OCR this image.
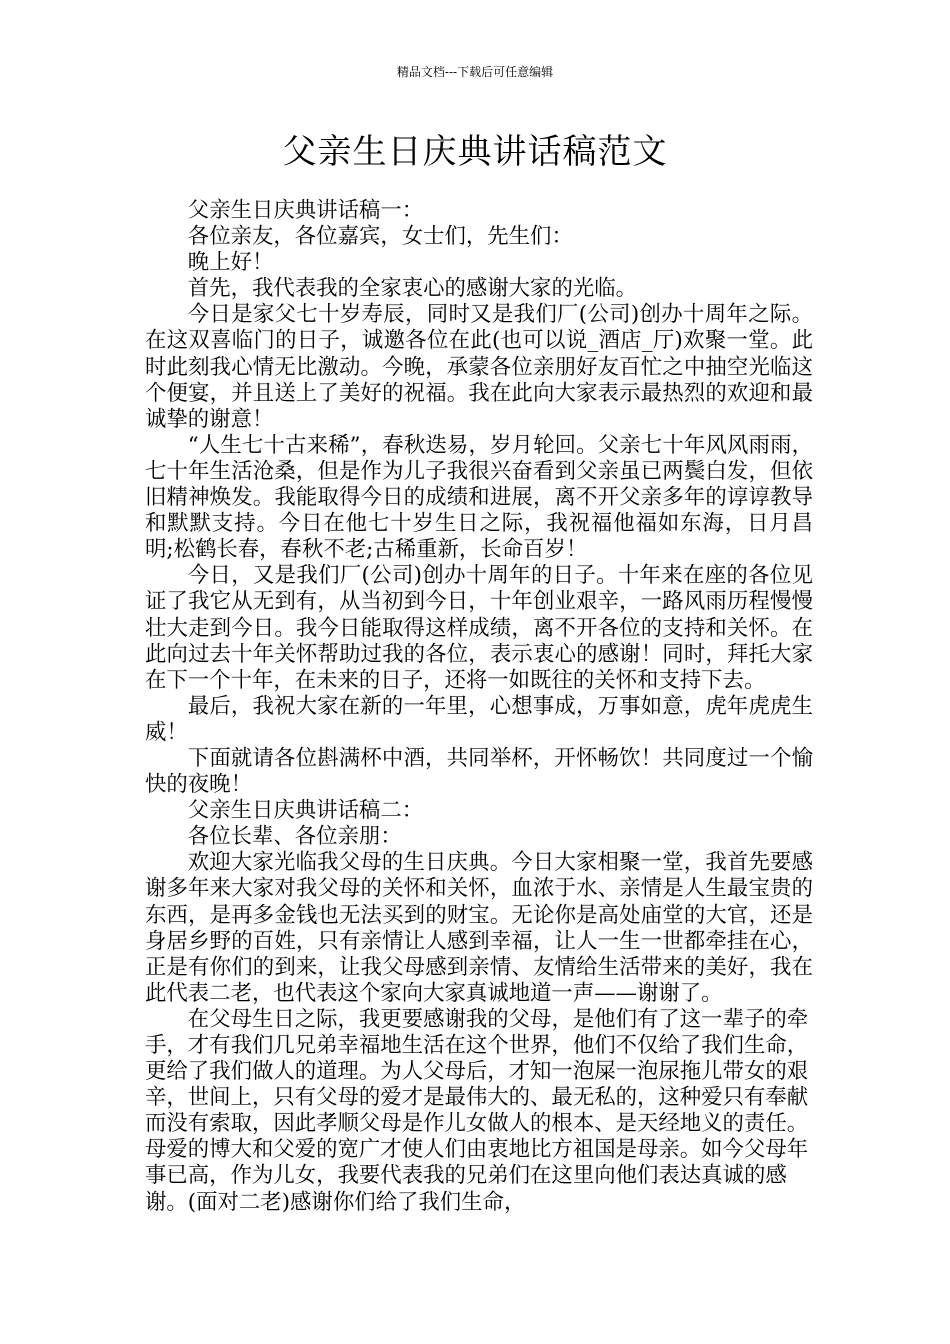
精品文档---下载后可任意编辑
父亲生日庆典讲话稿范文

父亲生日庆典讲话稿一：

各位亲友，各位嘉宾，女士们，先生们：

晚上好！

首先，我代表我的全家衷心的感谢大家的光临。

今日是家父七十岁寿辰，同时又是我们厂(公司)创办十周年之际。在这双喜临门的日子，诚邀各位在此(也可以说_酒店_厅)欢聚一堂。此时此刻我心情无比激动。今晚，承蒙各位亲朋好友百忙之中抽空光临这个便宴，并且送上了美好的祝福。我在此向大家表示最热烈的欢迎和最诚挚的谢意！

“人生七十古来稀”，春秋迭易，岁月轮回。父亲七十年风风雨雨，七十年生活沧桑，但是作为儿子我很兴奋看到父亲虽已两鬓白发，但依旧精神焕发。我能取得今日的成绩和进展，离不开父亲多年的谆谆教导和默默支持。今日在他七十岁生日之际，我祝福他福如东海，日月昌明;松鹤长春，春秋不老;古稀重新，长命百岁！

今日，又是我们厂(公司)创办十周年的日子。十年来在座的各位见证了我它从无到有，从当初到今日，十年创业艰辛，一路风雨历程慢慢壮大走到今日。我今日能取得这样成绩，离不开各位的支持和关怀。在此向过去十年关怀帮助过我的各位，表示衷心的感谢！同时，拜托大家在下一个十年，在未来的日子，还将一如既往的关怀和支持下去。

最后，我祝大家在新的一年里，心想事成，万事如意，虎年虎虎生威！

下面就请各位斟满杯中酒，共同举杯，开怀畅饮！共同度过一个愉快的夜晚！

父亲生日庆典讲话稿二：

各位长辈、各位亲朋：

欢迎大家光临我父母的生日庆典。今日大家相聚一堂，我首先要感谢多年来大家对我父母的关怀和关怀，血浓于水、亲情是人生最宝贵的东西，是再多金钱也无法买到的财宝。无论你是高处庙堂的大官，还是身居乡野的百姓，只有亲情让人感到幸福，让人一生一世都牵挂在心，正是有你们的到来，让我父母感到亲情、友情给生活带来的美好，我在此代表二老，也代表这个家向大家真诚地道一声——谢谢了。

在父母生日之际，我更要感谢我的父母，是他们有了这一辈子的牵手，才有我们几兄弟幸福地生活在这个世界，他们不仅给了我们生命，更给了我们做人的道理。为人父母后，才知一泡屎一泡尿拖儿带女的艰辛，世间上，只有父母的爱才是最伟大的、最无私的，这种爱只有奉献而没有索取，因此孝顺父母是作儿女做人的根本、是天经地义的责任。母爱的博大和父爱的宽广才使人们由衷地比方祖国是母亲。如今父母年事已高，作为儿女，我要代表我的兄弟们在这里向他们表达真诚的感谢。(面对二老)感谢你们给了我们生命，
